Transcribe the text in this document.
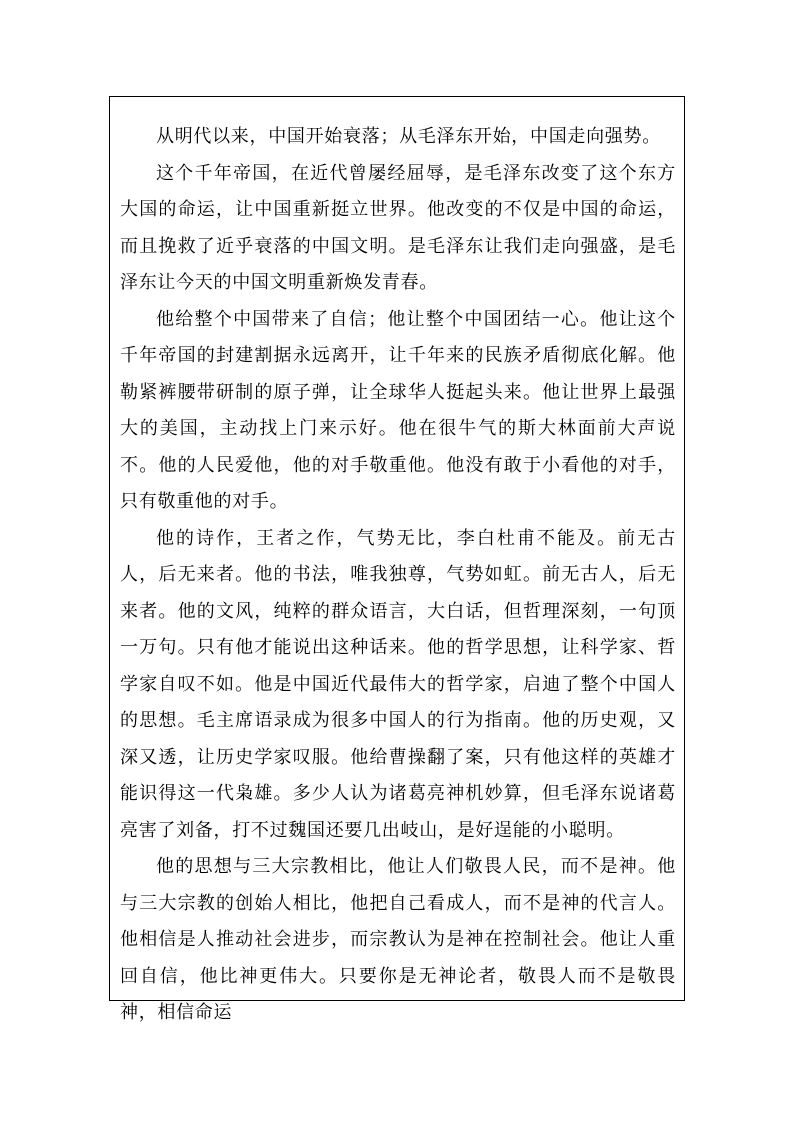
从明代以来，中国开始衰落；从毛泽东开始，中国走向强势。

这个千年帝国，在近代曾屡经屈辱，是毛泽东改变了这个东方大国的命运，让中国重新挺立世界。他改变的不仅是中国的命运，而且挽救了近乎衰落的中国文明。是毛泽东让我们走向强盛，是毛泽东让今天的中国文明重新焕发青春。

他给整个中国带来了自信；他让整个中国团结一心。他让这个千年帝国的封建割据永远离开，让千年来的民族矛盾彻底化解。他勒紧裤腰带研制的原子弹，让全球华人挺起头来。他让世界上最强大的美国，主动找上门来示好。他在很牛气的斯大林面前大声说不。他的人民爱他，他的对手敬重他。他没有敢于小看他的对手，只有敬重他的对手。

他的诗作，王者之作，气势无比，李白杜甫不能及。前无古人，后无来者。他的书法，唯我独尊，气势如虹。前无古人，后无来者。他的文风，纯粹的群众语言，大白话，但哲理深刻，一句顶一万句。只有他才能说出这种话来。他的哲学思想，让科学家、哲学家自叹不如。他是中国近代最伟大的哲学家，启迪了整个中国人的思想。毛主席语录成为很多中国人的行为指南。他的历史观，又深又透，让历史学家叹服。他给曹操翻了案，只有他这样的英雄才能识得这一代枭雄。多少人认为诸葛亮神机妙算，但毛泽东说诸葛亮害了刘备，打不过魏国还要几出岐山，是好逞能的小聪明。

他的思想与三大宗教相比，他让人们敬畏人民，而不是神。他与三大宗教的创始人相比，他把自己看成人，而不是神的代言人。他相信是人推动社会进步，而宗教认为是神在控制社会。他让人重回自信，他比神更伟大。只要你是无神论者，敬畏人而不是敬畏神，相信命运
